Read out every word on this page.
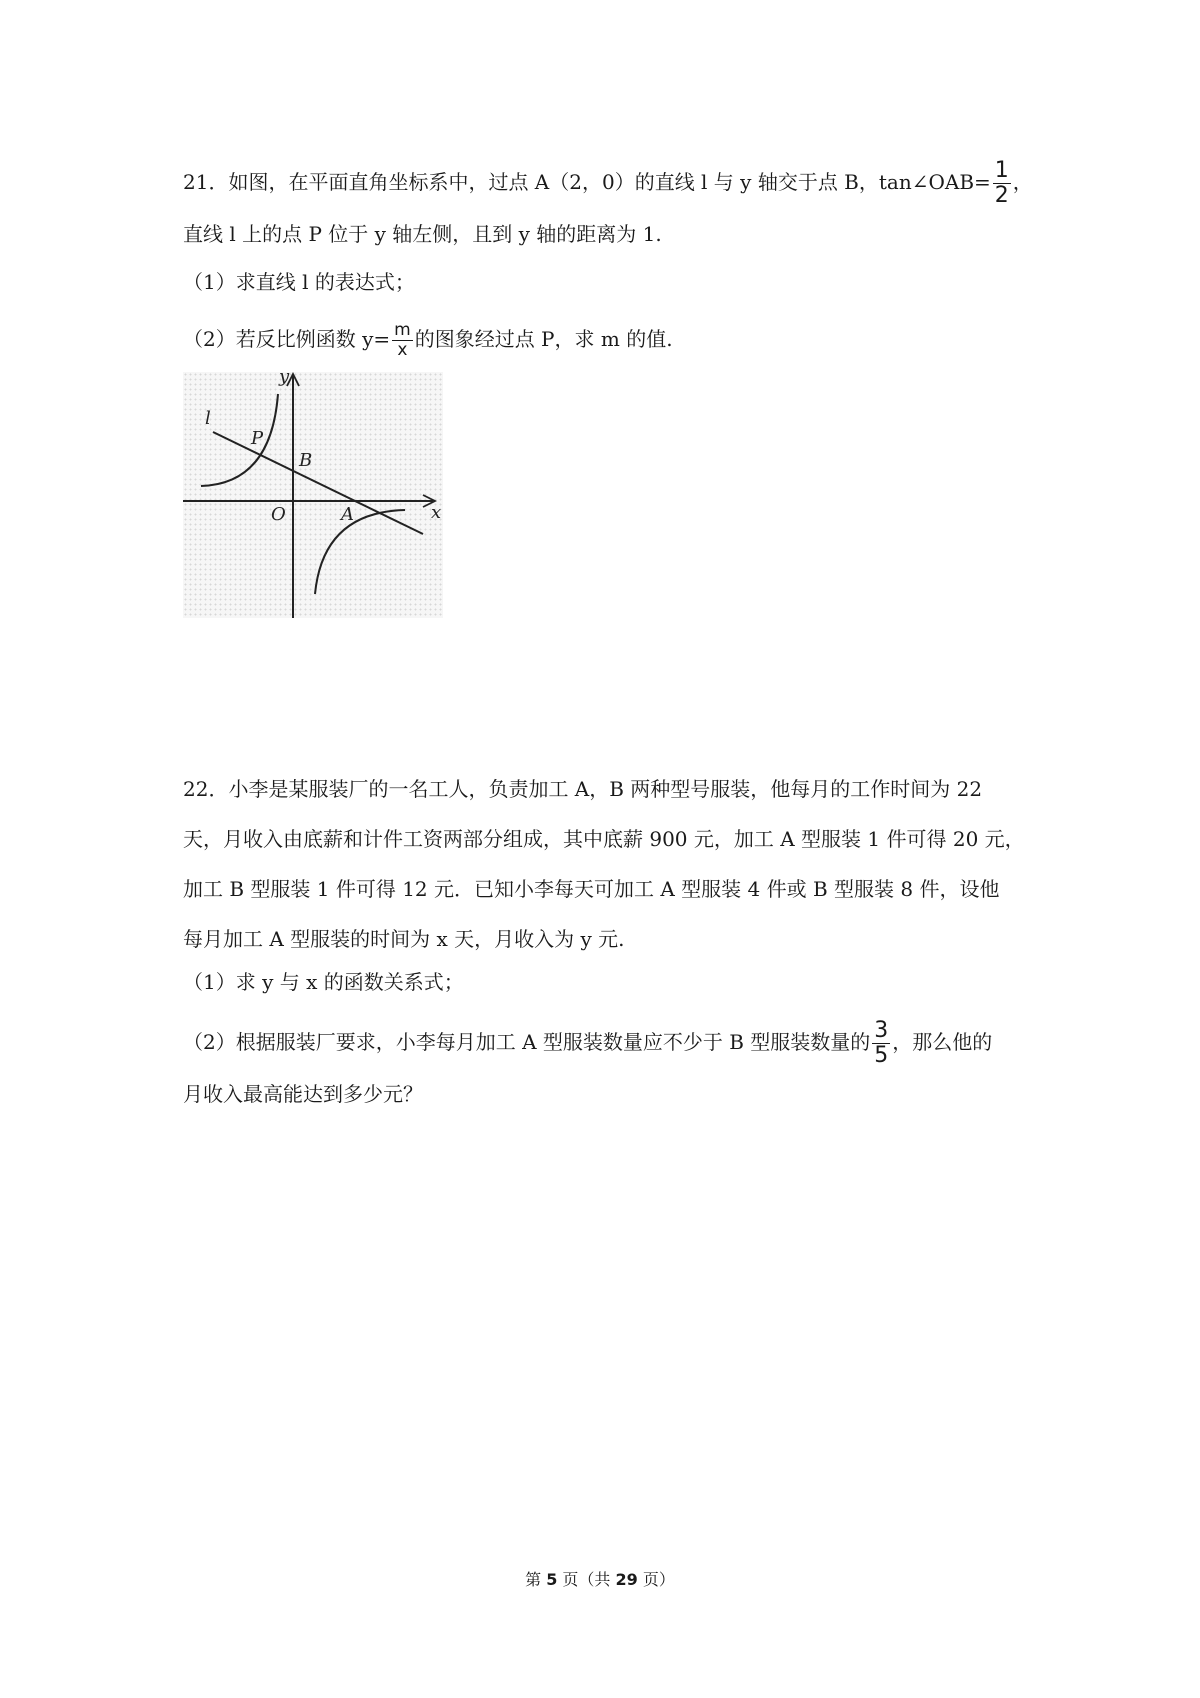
21．如图，在平面直角坐标系中，过点 A（2，0）的直线 l 与 y 轴交于点 B，tan∠OAB= $\frac{1}{2}$ ，
直线 l 上的点 P 位于 y 轴左侧，且到 y 轴的距离为 1.
（1）求直线 l 的表达式；
（2）若反比例函数 $y= \frac{m}{x}$ 的图象经过点 P，求 m 的值.
y
x
l
P
B
O	A
22．小李是某服装厂的一名工人，负责加工 A，B 两种型号服装，他每月的工作时间为 22
天，月收入由底薪和计件工资两部分组成，其中底薪 900 元，加工 A 型服装 1 件可得 20 元，
加工 B 型服装 1 件可得 12 元．已知小李每天可加工 A 型服装 4 件或 B 型服装 8 件，设他
每月加工 A 型服装的时间为 x 天，月收入为 y 元.
（1）求 y 与 x 的函数关系式；
（2）根据服装厂要求，小李每月加工 A 型服装数量应不少于 B 型服装数量的 $\frac{3}{5}$ ，那么他的
月收入最高能达到多少元？
第 5 页（共 29 页）
